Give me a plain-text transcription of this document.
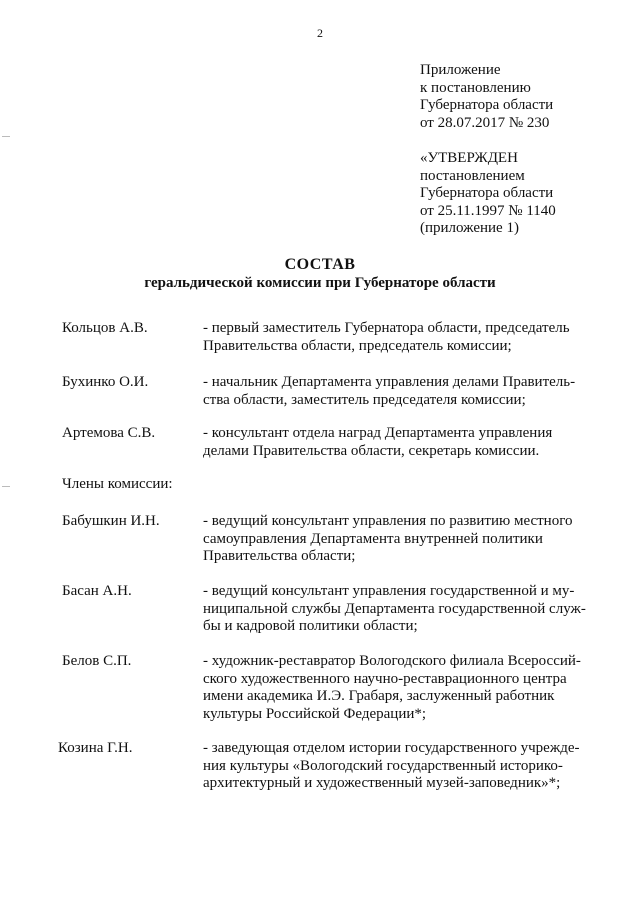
2
Приложение
к постановлению
Губернатора области
от 28.07.2017 № 230
«УТВЕРЖДЕН
постановлением
Губернатора области
от 25.11.1997 № 1140
(приложение 1)
СОСТАВ
геральдической комиссии при Губернаторе области
Кольцов А.В.	- первый заместитель Губернатора области, председатель
Правительства области, председатель комиссии;
Бухинко О.И.	- начальник Департамента управления делами Правитель-
ства области, заместитель председателя комиссии;
Артемова С.В.	- консультант отдела наград Департамента управления
делами Правительства области, секретарь комиссии.
Члены комиссии:
Бабушкин И.Н.	- ведущий консультант управления по развитию местного
самоуправления Департамента внутренней политики
Правительства области;
Басан А.Н.	- ведущий консультант управления государственной и му-
ниципальной службы Департамента государственной служ-
бы и кадровой политики области;
Белов С.П.	- художник-реставратор Вологодского филиала Всероссий-
ского художественного научно-реставрационного центра
имени академика И.Э. Грабаря, заслуженный работник
культуры Российской Федерации*;
Козина Г.Н.	- заведующая отделом истории государственного учрежде-
ния культуры «Вологодский государственный историко-
архитектурный и художественный музей-заповедник»*;
